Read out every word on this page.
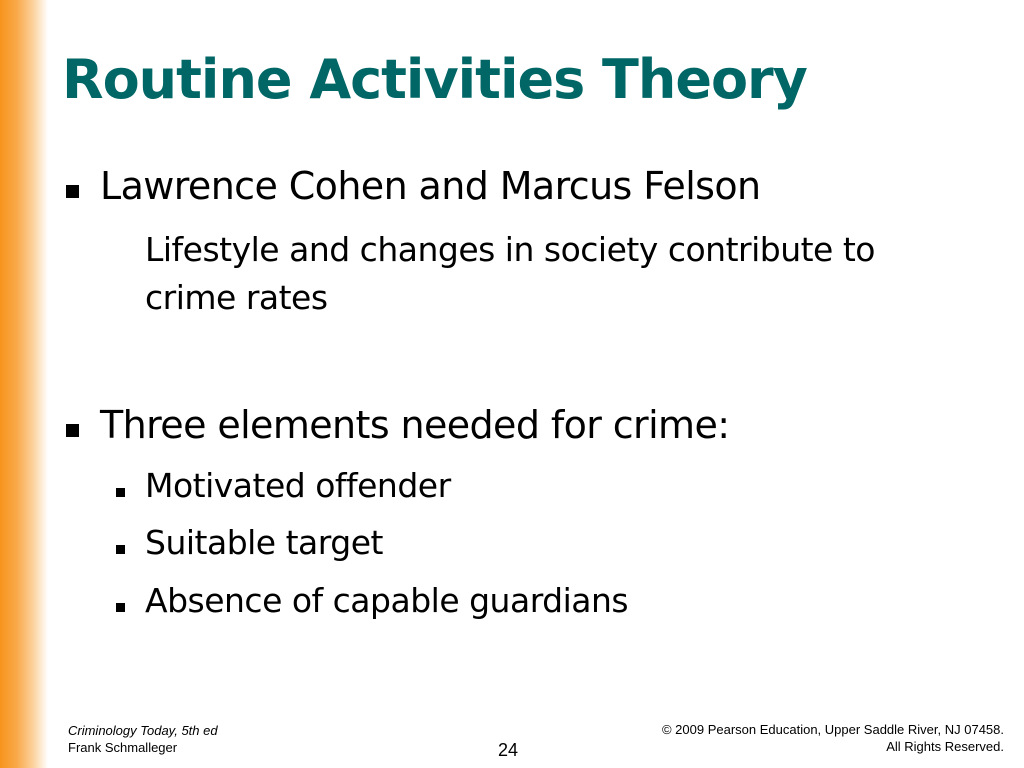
Routine Activities Theory
Lawrence Cohen and Marcus Felson
Lifestyle and changes in society contribute to crime rates
Three elements needed for crime:
Motivated offender
Suitable target
Absence of capable guardians
Criminology Today, 5th ed
Frank Schmalleger	24
© 2009 Pearson Education, Upper Saddle River, NJ 07458.
All Rights Reserved.
